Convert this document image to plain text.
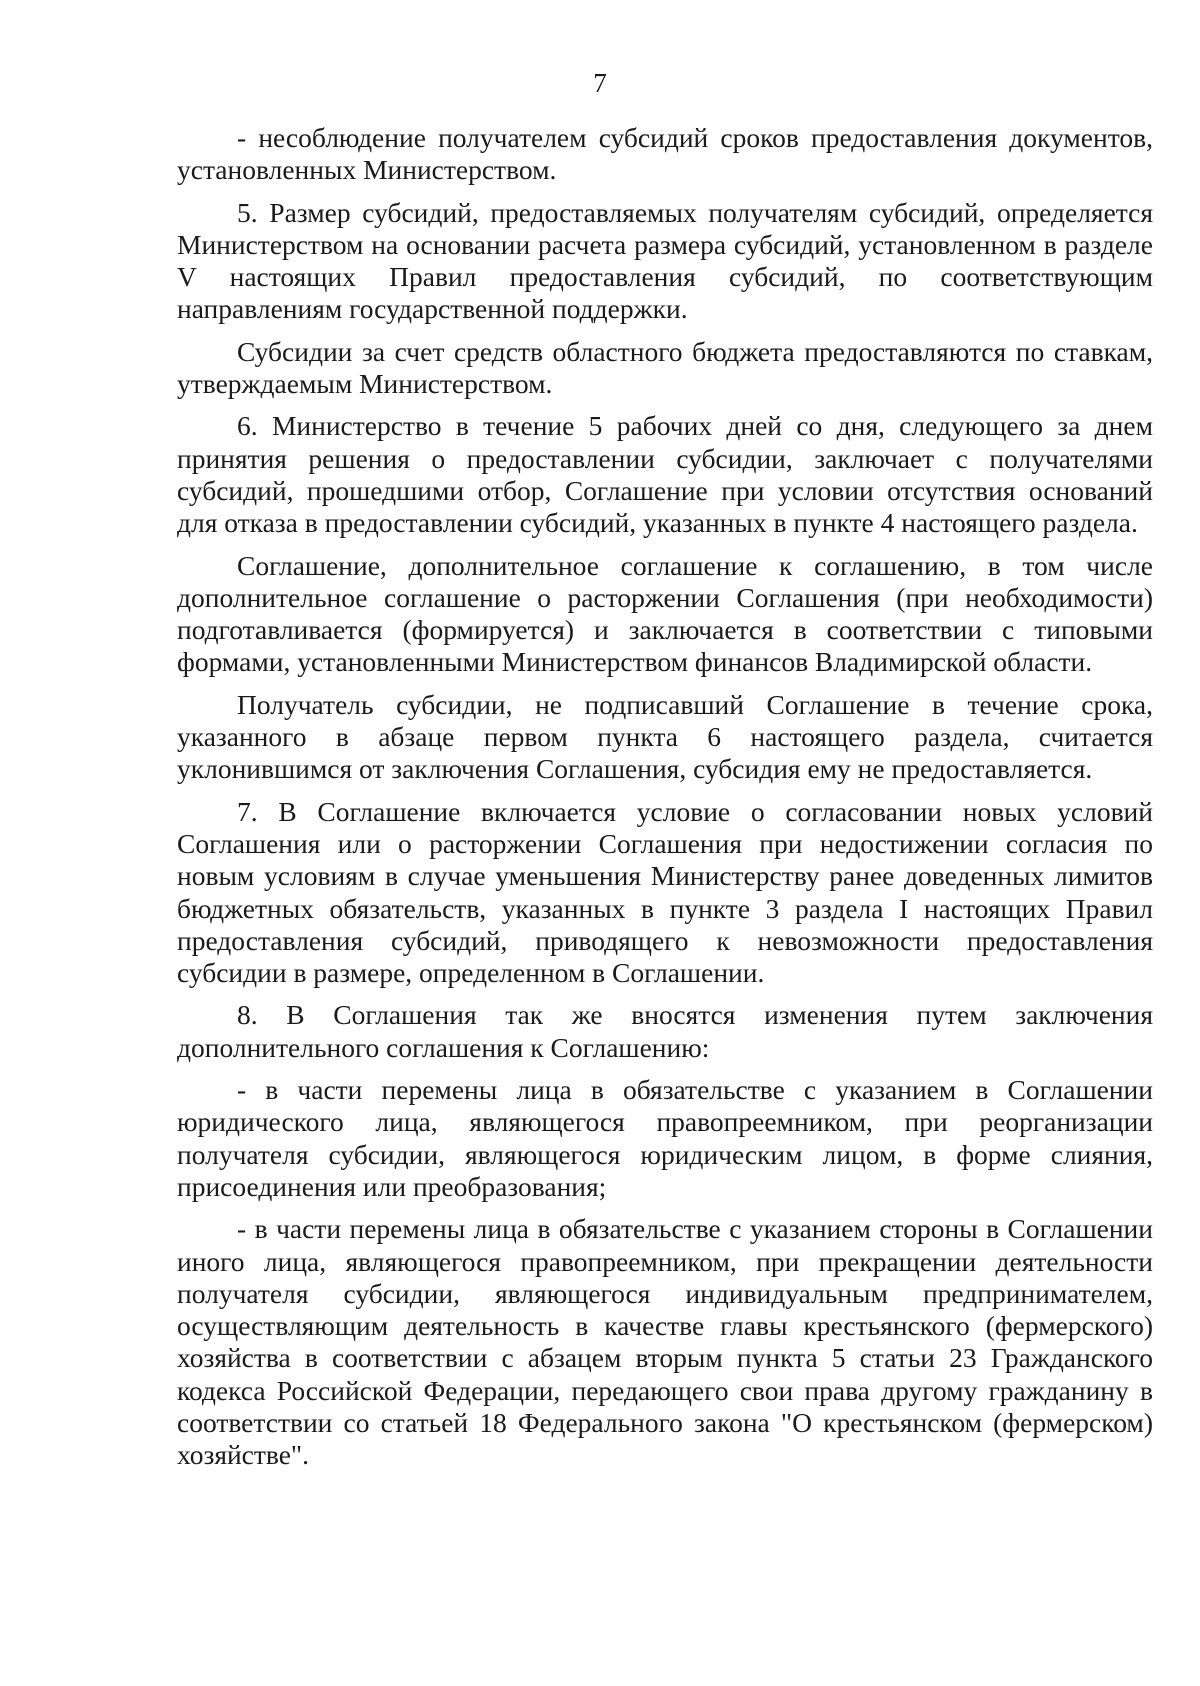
7

- несоблюдение получателем субсидий сроков предоставления документов, установленных Министерством.

5. Размер субсидий, предоставляемых получателям субсидий, определяется Министерством на основании расчета размера субсидий, установленном в разделе V настоящих Правил предоставления субсидий, по соответствующим направлениям государственной поддержки.

Субсидии за счет средств областного бюджета предоставляются по ставкам, утверждаемым Министерством.

6. Министерство в течение 5 рабочих дней со дня, следующего за днем принятия решения о предоставлении субсидии, заключает с получателями субсидий, прошедшими отбор, Соглашение при условии отсутствия оснований для отказа в предоставлении субсидий, указанных в пункте 4 настоящего раздела.

Соглашение, дополнительное соглашение к соглашению, в том числе дополнительное соглашение о расторжении Соглашения (при необходимости) подготавливается (формируется) и заключается в соответствии с типовыми формами, установленными Министерством финансов Владимирской области.

Получатель субсидии, не подписавший Соглашение в течение срока, указанного в абзаце первом пункта 6 настоящего раздела, считается уклонившимся от заключения Соглашения, субсидия ему не предоставляется.

7. В Соглашение включается условие о согласовании новых условий Соглашения или о расторжении Соглашения при недостижении согласия по новым условиям в случае уменьшения Министерству ранее доведенных лимитов бюджетных обязательств, указанных в пункте 3 раздела I настоящих Правил предоставления субсидий, приводящего к невозможности предоставления субсидии в размере, определенном в Соглашении.

8. В Соглашения так же вносятся изменения путем заключения дополнительного соглашения к Соглашению:

- в части перемены лица в обязательстве с указанием в Соглашении юридического лица, являющегося правопреемником, при реорганизации получателя субсидии, являющегося юридическим лицом, в форме слияния, присоединения или преобразования;

- в части перемены лица в обязательстве с указанием стороны в Соглашении иного лица, являющегося правопреемником, при прекращении деятельности получателя субсидии, являющегося индивидуальным предпринимателем, осуществляющим деятельность в качестве главы крестьянского (фермерского) хозяйства в соответствии с абзацем вторым пункта 5 статьи 23 Гражданского кодекса Российской Федерации, передающего свои права другому гражданину в соответствии со статьей 18 Федерального закона "О крестьянском (фермерском) хозяйстве".
